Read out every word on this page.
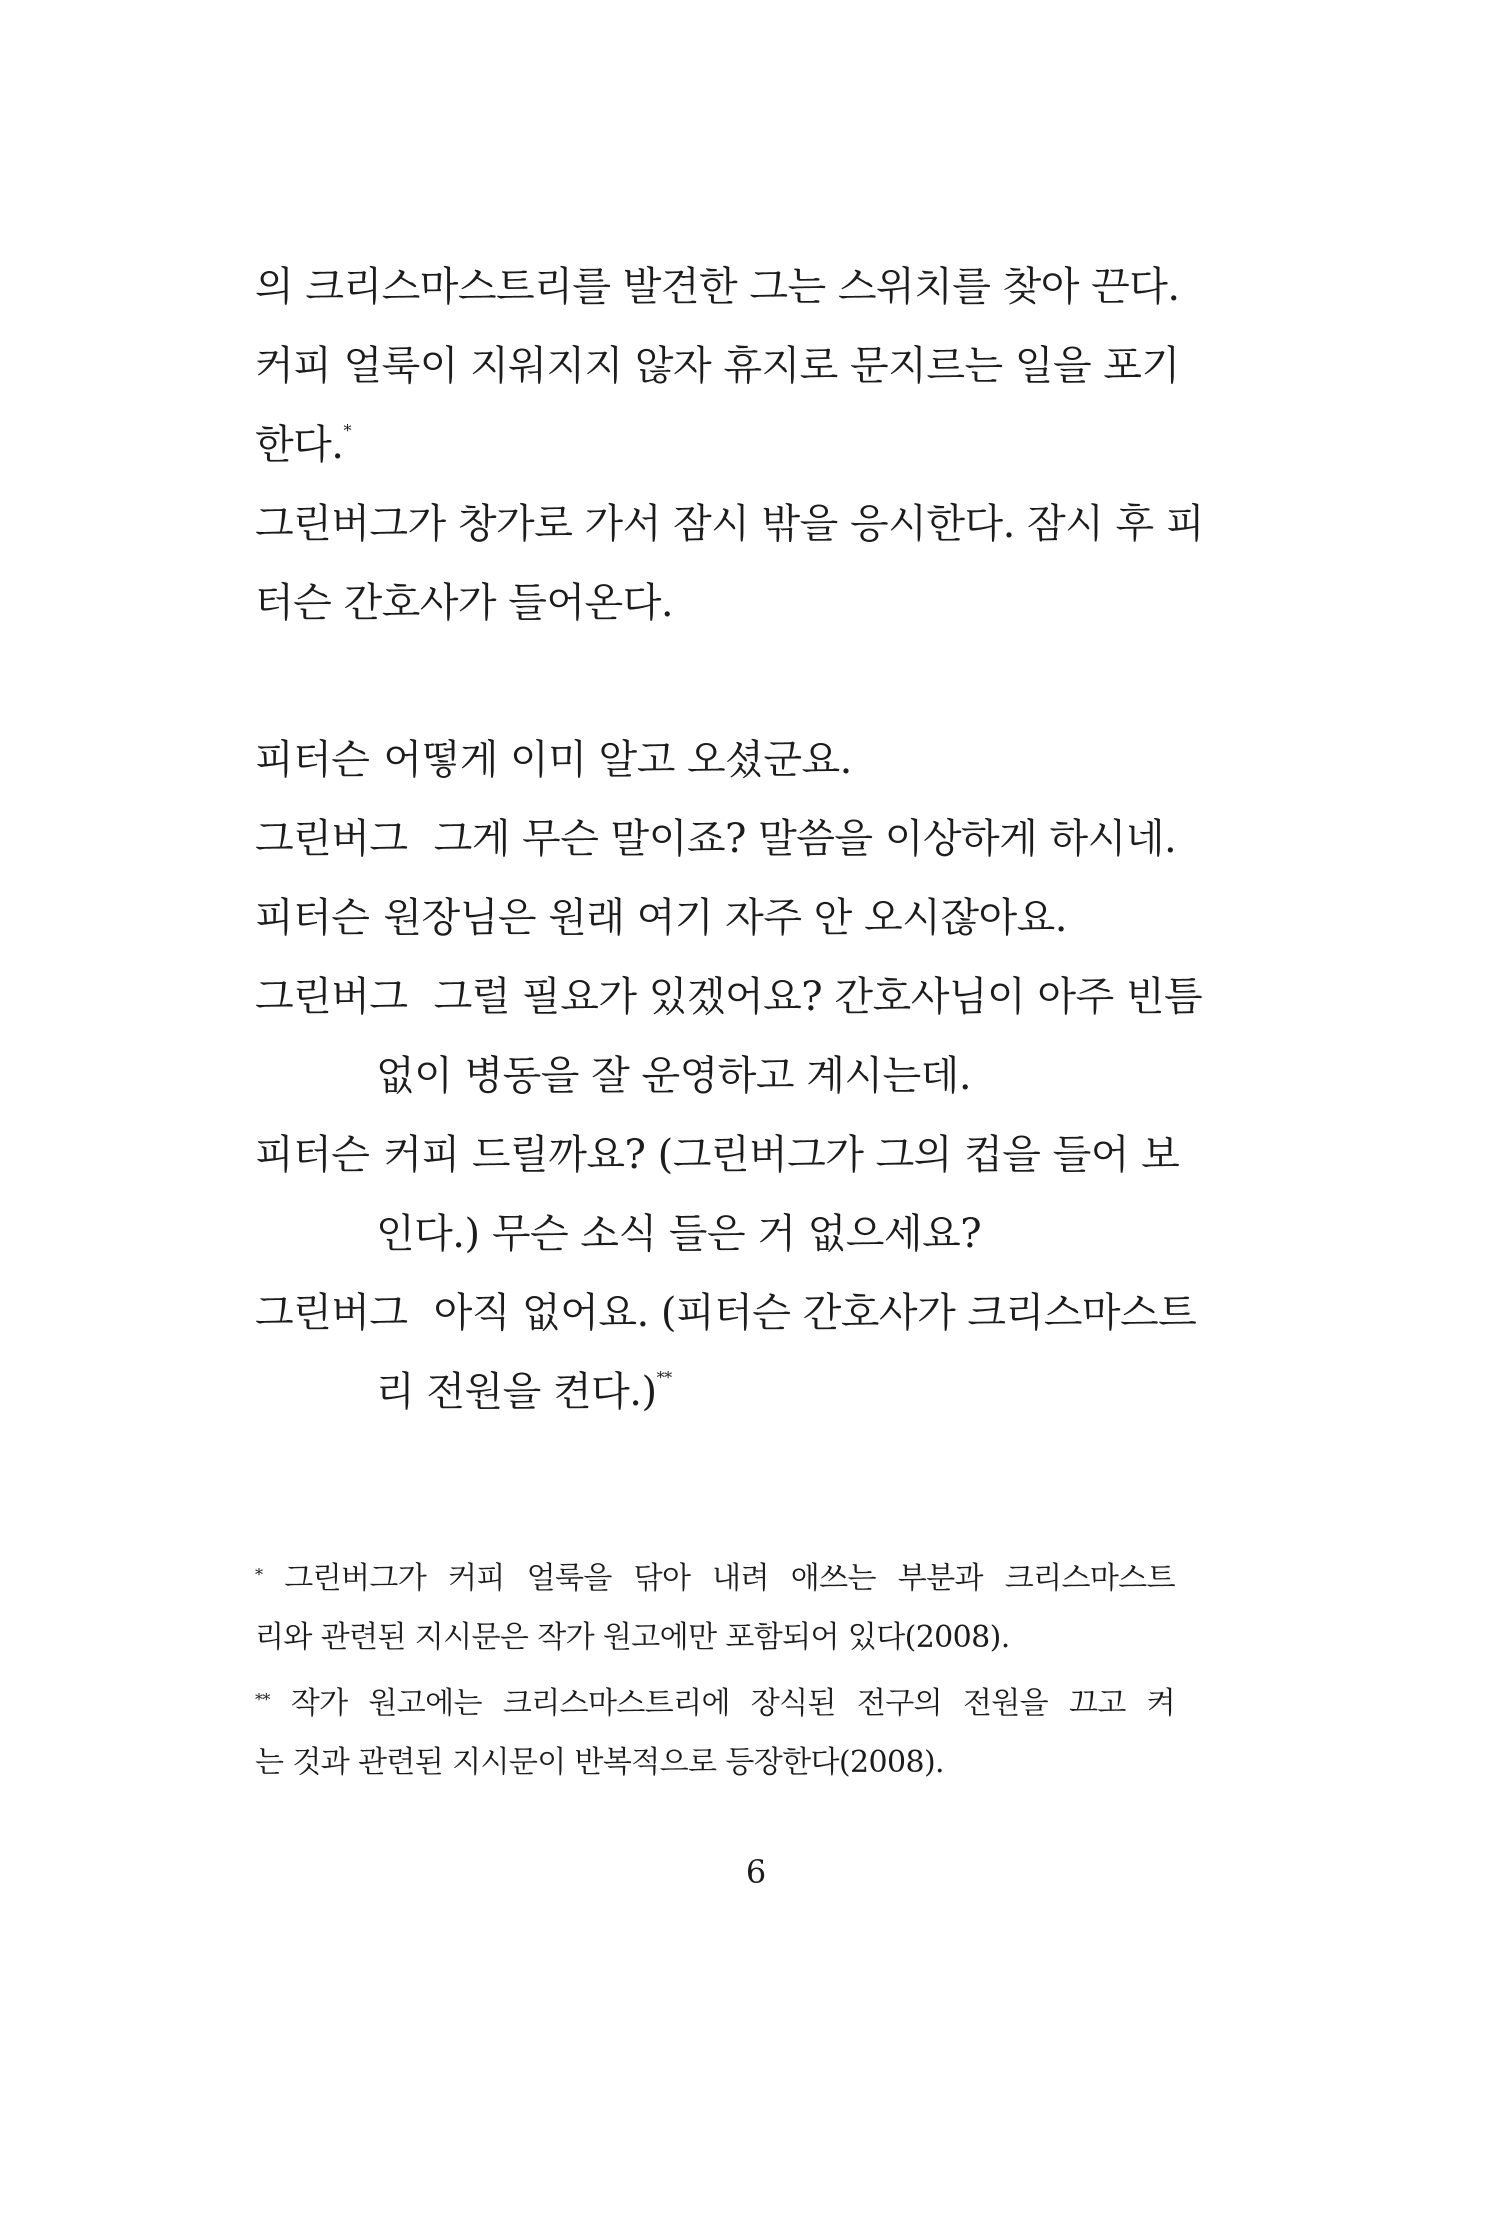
의 크리스마스트리를 발견한 그는 스위치를 찾아 끈다.
커피 얼룩이 지워지지 않자 휴지로 문지르는 일을 포기
한다.*
그린버그가 창가로 가서 잠시 밖을 응시한다. 잠시 후 피
터슨 간호사가 들어온다.
피터슨 어떻게 이미 알고 오셨군요.
그린버그 그게 무슨 말이죠? 말씀을 이상하게 하시네.
피터슨 원장님은 원래 여기 자주 안 오시잖아요.
그린버그 그럴 필요가 있겠어요? 간호사님이 아주 빈틈
없이 병동을 잘 운영하고 계시는데.
피터슨 커피 드릴까요? (그린버그가 그의 컵을 들어 보
인다.) 무슨 소식 들은 거 없으세요?
그린버그 아직 없어요. (피터슨 간호사가 크리스마스트
리 전원을 켠다.)**
* 그린버그가 커피 얼룩을 닦아 내려 애쓰는 부분과 크리스마스트
리와 관련된 지시문은 작가 원고에만 포함되어 있다(2008).
** 작가 원고에는 크리스마스트리에 장식된 전구의 전원을 끄고 켜
는 것과 관련된 지시문이 반복적으로 등장한다(2008).
6
